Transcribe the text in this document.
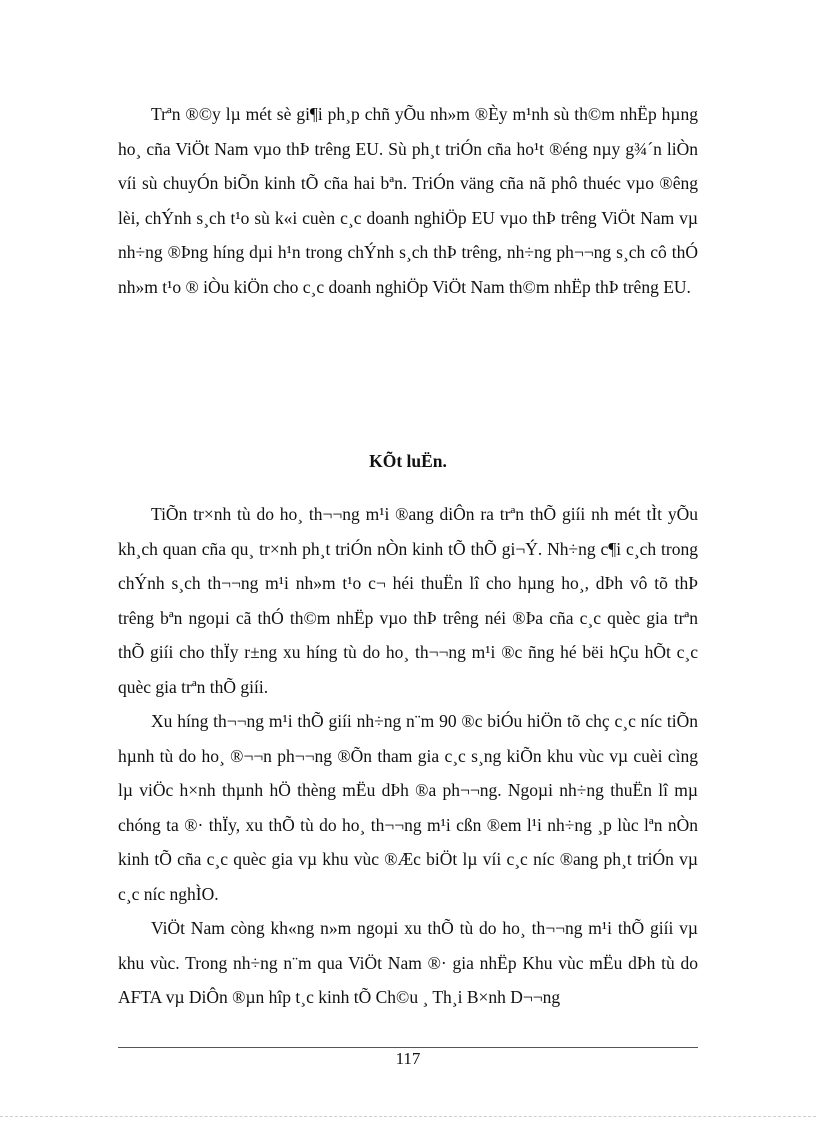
Trªn ®©y lµ mét sè gi¶i ph¸p chñ yÕu nh»m ®Èy m¹nh sù th©m nhËp hµng ho¸ cña ViÖt Nam vµo thÞ trêng EU. Sù ph¸t triÓn cña ho¹t ®éng nµy g¾´n liÒn víi sù chuyÓn biÕn kinh tÕ cña hai bªn. TriÓn väng cña nã phô thuéc vµo ®êng lèi, chÝnh s¸ch t¹o sù k«i cuèn c¸c doanh nghiÖp EU vµo thÞ trêng ViÖt Nam vµ nh÷ng ®Þng híng dµi h¹n trong chÝnh s¸ch thÞ trêng, nh÷ng ph¬¬ng s¸ch cô thÓ nh»m t¹o ® iÒu kiÖn cho c¸c doanh nghiÖp ViÖt Nam th©m nhËp thÞ trêng EU.

KÕt luËn.

TiÕn tr×nh tù do ho¸ th¬¬ng m¹i ®ang diÔn ra trªn thÕ giíi nh mét tÌt yÕu kh¸ch quan cña qu¸ tr×nh ph¸t triÓn nÒn kinh tÕ thÕ gi¬Ý. Nh÷ng c¶i c¸ch trong chÝnh s¸ch th¬¬ng m¹i nh»m t¹o c¬ héi thuËn lî cho hµng ho¸, dÞh vô tõ thÞ trêng bªn ngoµi cã thÓ th©m nhËp vµo thÞ trêng néi ®Þa cña c¸c quèc gia trªn thÕ giíi cho thÏy r±ng xu híng tù do ho¸ th¬¬ng m¹i ®c ñng hé bëi hÇu hÕt c¸c quèc gia trªn thÕ giíi.

Xu híng th¬¬ng m¹i thÕ giíi nh÷ng n¨m 90 ®c biÓu hiÖn tõ chç c¸c níc tiÕn hµnh tù do ho¸ ®¬¬n ph¬¬ng ®Õn tham gia c¸c s¸ng kiÕn khu vùc vµ cuèi cìng lµ viÖc h×nh thµnh hÖ thèng mËu dÞh ®a ph¬¬ng. Ngoµi nh÷ng thuËn lî mµ chóng ta ®· thÏy, xu thÕ tù do ho¸ th¬¬ng m¹i cßn ®em l¹i nh÷ng ¸p lùc lªn nÒn kinh tÕ cña c¸c quèc gia vµ khu vùc ®Æc biÖt lµ víi c¸c níc ®ang ph¸t triÓn vµ c¸c níc nghÌO.

ViÖt Nam còng kh«ng n»m ngoµi xu thÕ tù do ho¸ th¬¬ng m¹i thÕ giíi vµ khu vùc. Trong nh÷ng n¨m qua ViÖt Nam ®· gia nhËp Khu vùc mËu dÞh tù do AFTA vµ DiÔn ®µn hîp t¸c kinh tÕ Ch©u ¸ Th¸i B×nh D¬¬ng

117
